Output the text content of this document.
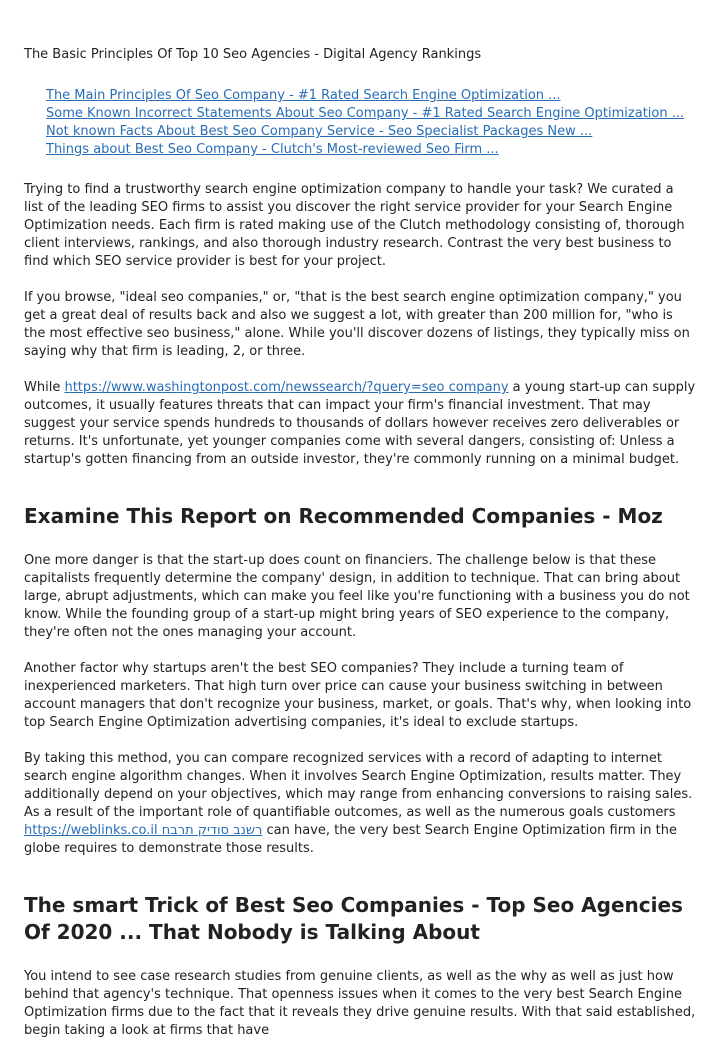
The Basic Principles Of Top 10 Seo Agencies - Digital Agency Rankings
The Main Principles Of Seo Company - #1 Rated Search Engine Optimization ...
Some Known Incorrect Statements About Seo Company - #1 Rated Search Engine Optimization ...
Not known Facts About Best Seo Company Service - Seo Specialist Packages New ...
Things about Best Seo Company - Clutch's Most-reviewed Seo Firm ...

Trying to find a trustworthy search engine optimization company to handle your task? We curated a list of the leading SEO firms to assist you discover the right service provider for your Search Engine Optimization needs. Each firm is rated making use of the Clutch methodology consisting of, thorough client interviews, rankings, and also thorough industry research. Contrast the very best business to find which SEO service provider is best for your project.

If you browse, "ideal seo companies," or, "that is the best search engine optimization company," you get a great deal of results back and also we suggest a lot, with greater than 200 million for, "who is the most effective seo business," alone. While you'll discover dozens of listings, they typically miss on saying why that firm is leading, 2, or three.

While https://www.washingtonpost.com/newssearch/?query=seo company a young start-up can supply outcomes, it usually features threats that can impact your firm's financial investment. That may suggest your service spends hundreds to thousands of dollars however receives zero deliverables or returns. It's unfortunate, yet younger companies come with several dangers, consisting of: Unless a startup's gotten financing from an outside investor, they're commonly running on a minimal budget.

Examine This Report on Recommended Companies - Moz

One more danger is that the start-up does count on financiers. The challenge below is that these capitalists frequently determine the company' design, in addition to technique. That can bring about large, abrupt adjustments, which can make you feel like you're functioning with a business you do not know. While the founding group of a start-up might bring years of SEO experience to the company, they're often not the ones managing your account.

Another factor why startups aren't the best SEO companies? They include a turning team of inexperienced marketers. That high turn over price can cause your business switching in between account managers that don't recognize your business, market, or goals. That's why, when looking into top Search Engine Optimization advertising companies, it's ideal to exclude startups.

By taking this method, you can compare recognized services with a record of adapting to internet search engine algorithm changes. When it involves Search Engine Optimization, results matter. They additionally depend on your objectives, which may range from enhancing conversions to raising sales. As a result of the important role of quantifiable outcomes, as well as the numerous goals customers https://weblinks.co.il רשנב סודיק תרבח can have, the very best Search Engine Optimization firm in the globe requires to demonstrate those results.

The smart Trick of Best Seo Companies - Top Seo Agencies Of 2020 ... That Nobody is Talking About

You intend to see case research studies from genuine clients, as well as the why as well as just how behind that agency's technique. That openness issues when it comes to the very best Search Engine Optimization firms due to the fact that it reveals they drive genuine results. With that said established, begin taking a look at firms that have
